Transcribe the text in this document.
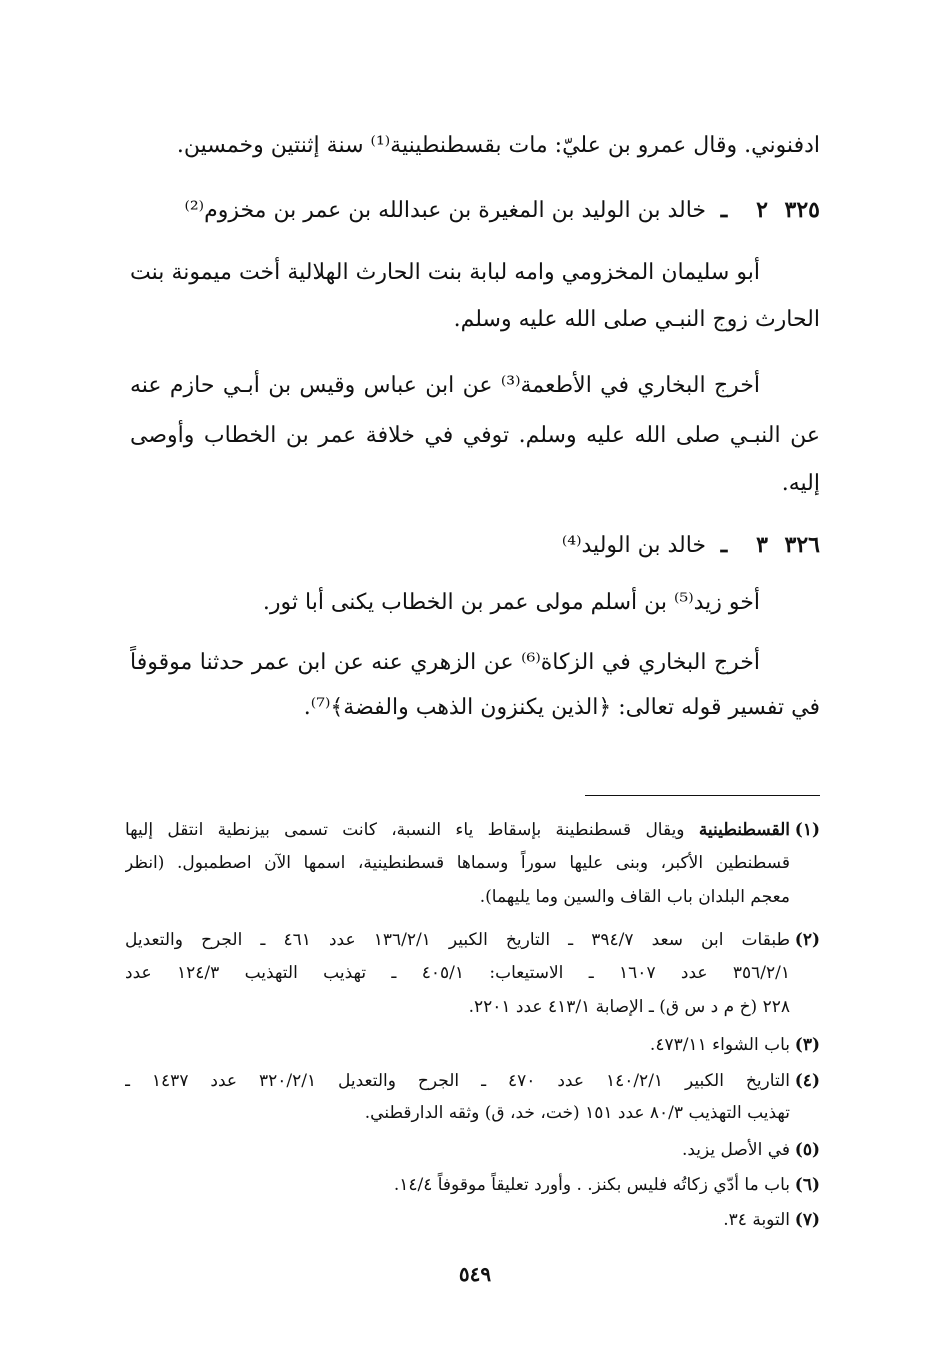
ادفنوني. وقال عمرو بن عليّ: مات بقسطنطينية⁽¹⁾ سنة إثنتين وخمسين.
٣٢٥٢ـخالد بن الوليد بن المغيرة بن عبدالله بن عمر بن مخزوم⁽²⁾
أبو سليمان المخزومي وامه لبابة بنت الحارث الهلالية أخت ميمونة بنت
الحارث زوج النبـي صلى الله عليه وسلم.
أخرج البخاري في الأطعمة⁽³⁾ عن ابن عباس وقيس بن أبـي حازم عنه
عن النبـي صلى الله عليه وسلم. توفي في خلافة عمر بن الخطاب وأوصى
إليه.
٣٢٦٣ـخالد بن الوليد⁽⁴⁾
أخو زيد⁽⁵⁾ بن أسلم مولى عمر بن الخطاب يكنى أبا ثور.
أخرج البخاري في الزكاة⁽⁶⁾ عن الزهري عنه عن ابن عمر حدثنا موقوفاً
في تفسير قوله تعالى: ﴿الذين يكنزون الذهب والفضة﴾⁽⁷⁾.
(١)القسطنطينية ويقال قسطنطينة بإسقاط ياء النسبة، كانت تسمى بيزنطية انتقل إليها
قسطنطين الأكبر، وبنى عليها سوراً وسماها قسطنطينية، اسمها الآن اصطمبول. (انظر
معجم البلدان باب القاف والسين وما يليهما).
(٢)طبقات ابن سعد ٣٩٤/٧ ـ التاريخ الكبير ١٣٦/٢/١ عدد ٤٦١ ـ الجرح والتعديل
٣٥٦/٢/١ عدد ١٦٠٧ ـ الاستيعاب: ٤٠٥/١ ـ تهذيب التهذيب ١٢٤/٣ عدد
٢٢٨ (خ م د س ق) ـ الإصابة ٤١٣/١ عدد ٢٢٠١.
(٣)باب الشواء ٤٧٣/١١.
(٤)التاريخ الكبير ١٤٠/٢/١ عدد ٤٧٠ ـ الجرح والتعديل ٣٢٠/٢/١ عدد ١٤٣٧ ـ
تهذيب التهذيب ٨٠/٣ عدد ١٥١ (خت، خد، ق) وثقه الدارقطني.
(٥)في الأصل يزيد.
(٦)باب ما أدّي زكاتُه فليس بكنز. . وأورد تعليقاً موقوفاً ١٤/٤.
(٧)التوبة ٣٤.
٥٤٩
